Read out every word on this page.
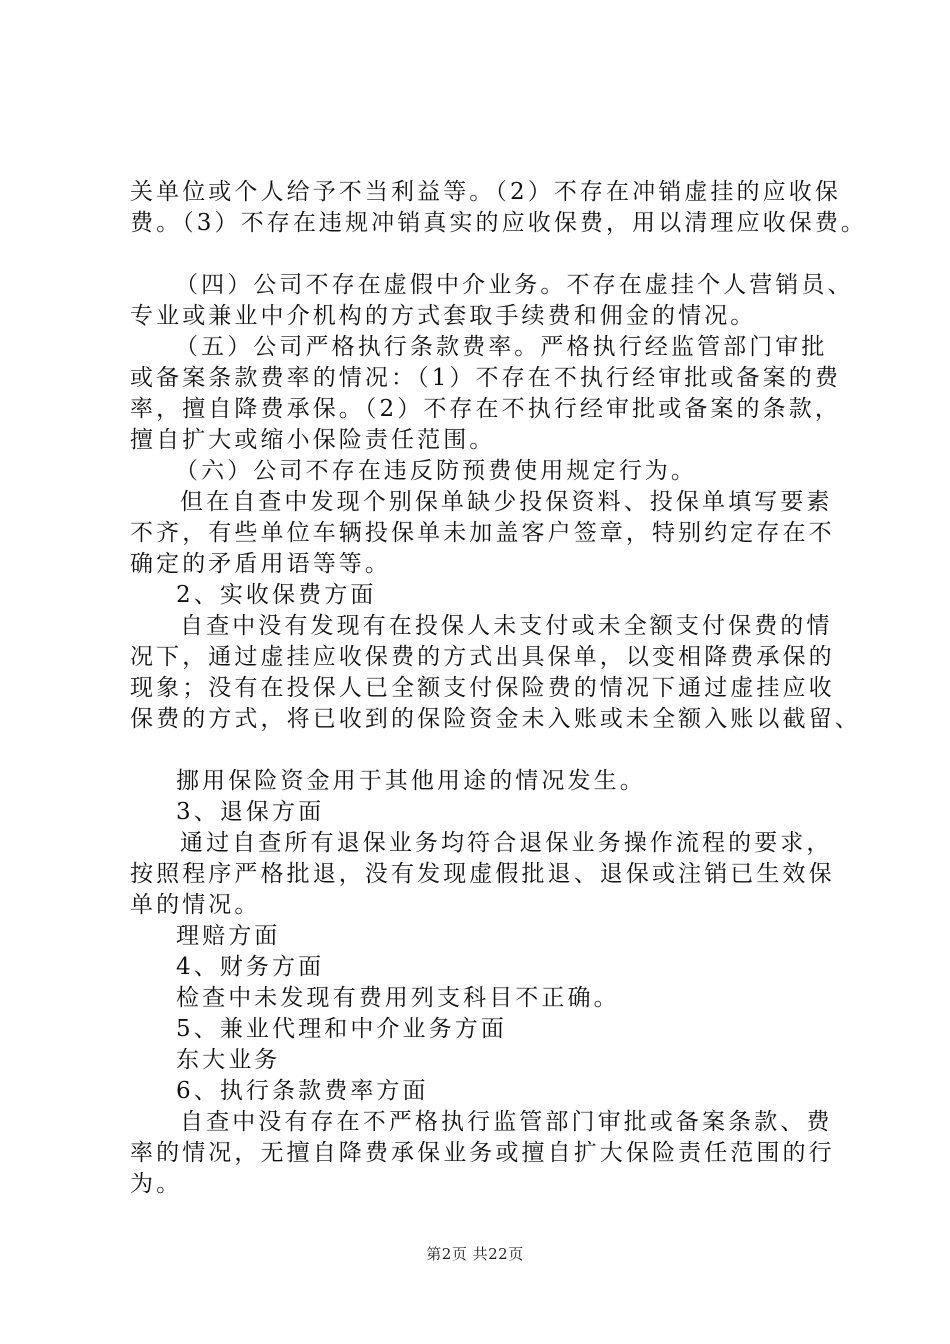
关单位或个人给予不当利益等。（2）不存在冲销虚挂的应收保

费。（3）不存在违规冲销真实的应收保费，用以清理应收保费。

（四）公司不存在虚假中介业务。不存在虚挂个人营销员、

专业或兼业中介机构的方式套取手续费和佣金的情况。

（五）公司严格执行条款费率。严格执行经监管部门审批

或备案条款费率的情况：（1）不存在不执行经审批或备案的费

率，擅自降费承保。（2）不存在不执行经审批或备案的条款，

擅自扩大或缩小保险责任范围。

（六）公司不存在违反防预费使用规定行为。

但在自查中发现个别保单缺少投保资料、投保单填写要素

不齐，有些单位车辆投保单未加盖客户签章，特别约定存在不

确定的矛盾用语等等。

2、实收保费方面

自查中没有发现有在投保人未支付或未全额支付保费的情

况下，通过虚挂应收保费的方式出具保单，以变相降费承保的

现象；没有在投保人已全额支付保险费的情况下通过虚挂应收

保费的方式，将已收到的保险资金未入账或未全额入账以截留、

挪用保险资金用于其他用途的情况发生。

3、退保方面

通过自查所有退保业务均符合退保业务操作流程的要求，

按照程序严格批退，没有发现虚假批退、退保或注销已生效保

单的情况。

理赔方面

4、财务方面

检查中未发现有费用列支科目不正确。

5、兼业代理和中介业务方面

东大业务

6、执行条款费率方面

自查中没有存在不严格执行监管部门审批或备案条款、费

率的情况，无擅自降费承保业务或擅自扩大保险责任范围的行

为。

第2页 共22页
